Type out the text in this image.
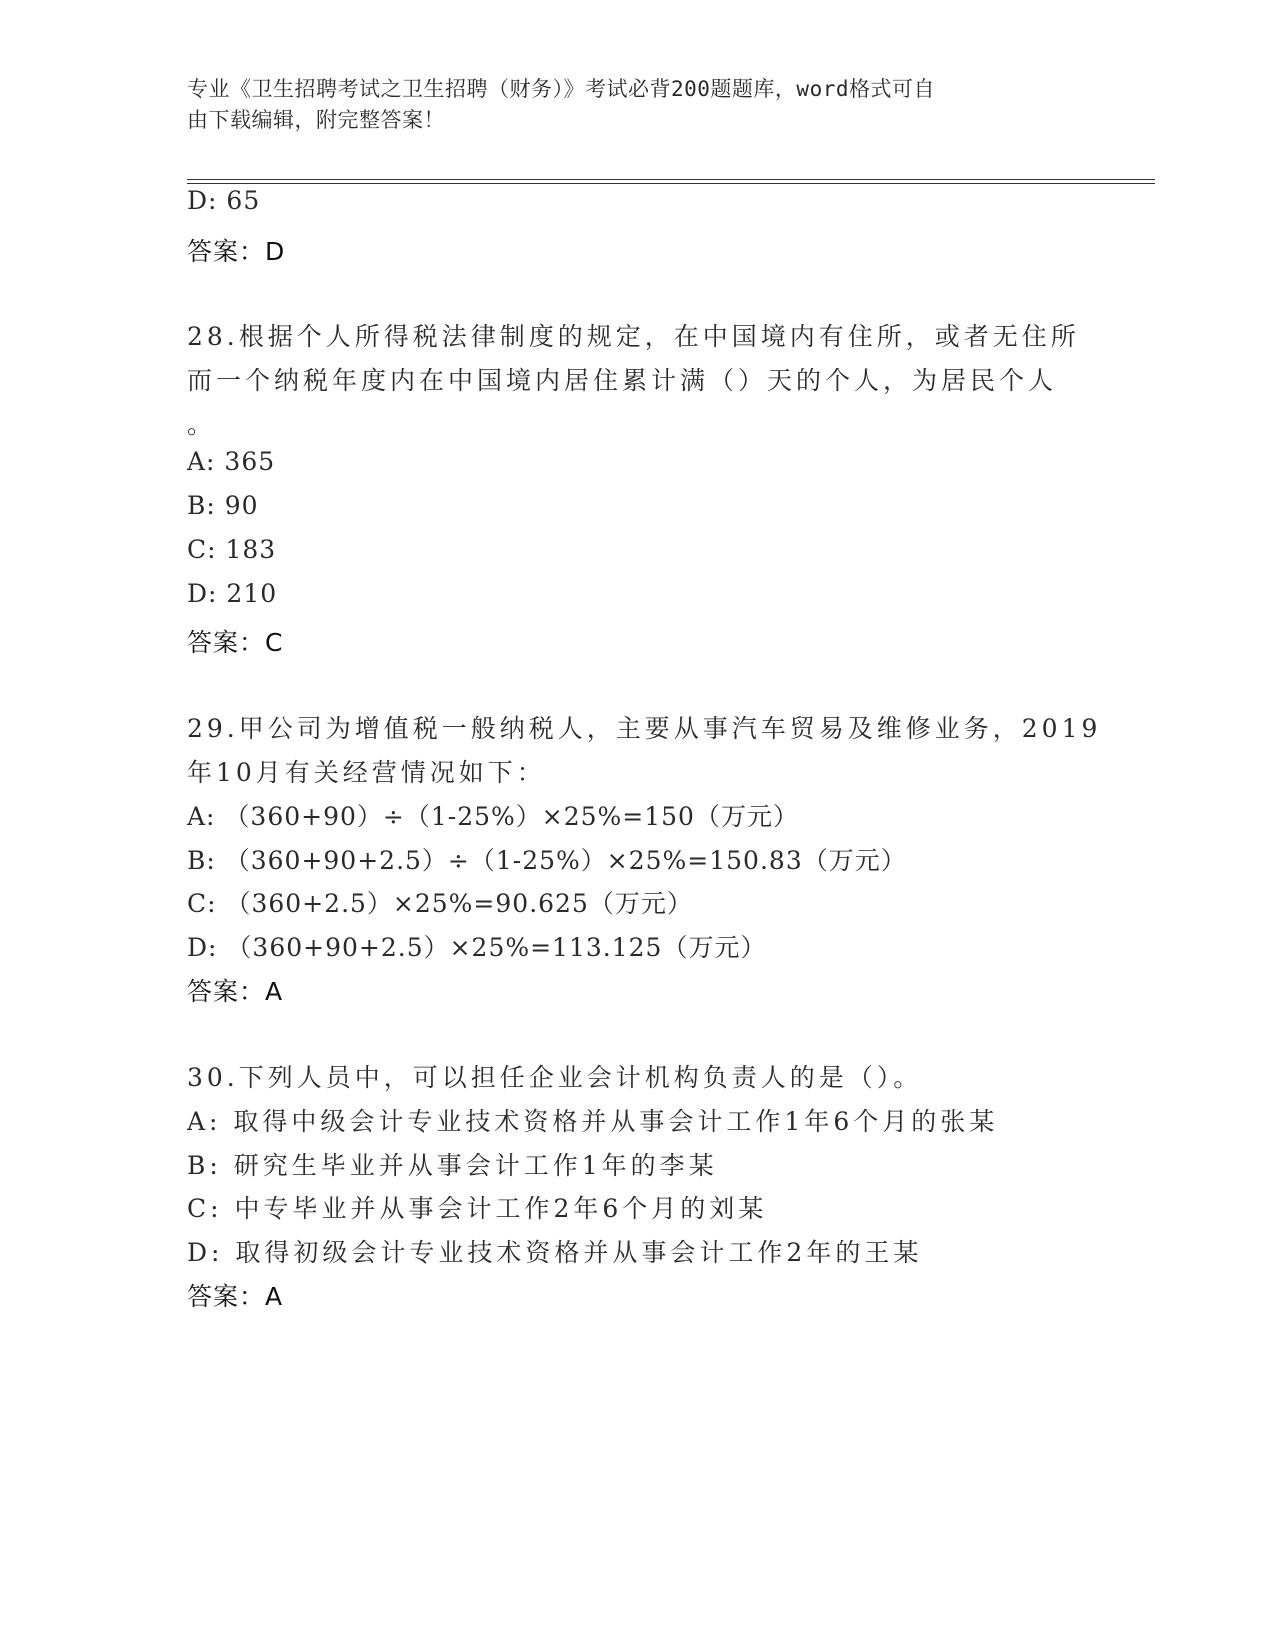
专业《卫生招聘考试之卫生招聘（财务）》考试必背200题题库，word格式可自
由下载编辑，附完整答案！
D: 65
答案：D
28.根据个人所得税法律制度的规定，在中国境内有住所，或者无住所
而一个纳税年度内在中国境内居住累计满（）天的个人，为居民个人
。
A: 365
B: 90
C: 183
D: 210
答案：C
29.甲公司为增值税一般纳税人，主要从事汽车贸易及维修业务，2019
年10月有关经营情况如下：
A: （360+90）÷（1-25%）×25%=150（万元）
B: （360+90+2.5）÷（1-25%）×25%=150.83（万元）
C: （360+2.5）×25%=90.625（万元）
D: （360+90+2.5）×25%=113.125（万元）
答案：A
30.下列人员中，可以担任企业会计机构负责人的是（）。
A: 取得中级会计专业技术资格并从事会计工作1年6个月的张某
B: 研究生毕业并从事会计工作1年的李某
C: 中专毕业并从事会计工作2年6个月的刘某
D: 取得初级会计专业技术资格并从事会计工作2年的王某
答案：A
